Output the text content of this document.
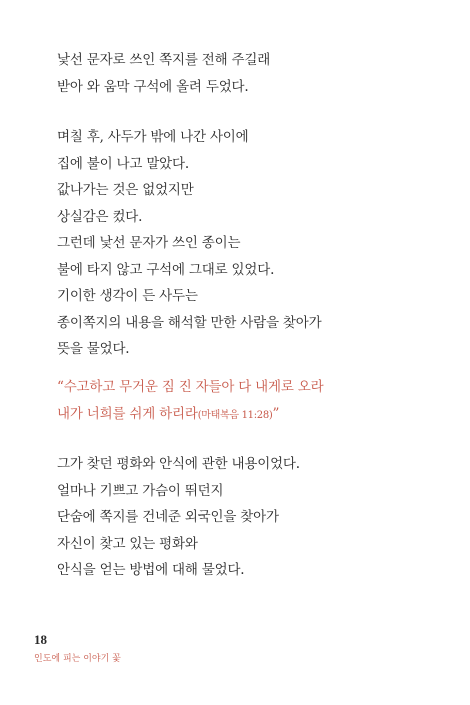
낯선 문자로 쓰인 쪽지를 전해 주길래
받아 와 움막 구석에 올려 두었다.
며칠 후, 사두가 밖에 나간 사이에
집에 불이 나고 말았다.
값나가는 것은 없었지만
상실감은 컸다.
그런데 낯선 문자가 쓰인 종이는
불에 타지 않고 구석에 그대로 있었다.
기이한 생각이 든 사두는
종이쪽지의 내용을 해석할 만한 사람을 찾아가
뜻을 물었다.
“수고하고 무거운 짐 진 자들아 다 내게로 오라
내가 너희를 쉬게 하리라(마태복음 11:28)”
그가 찾던 평화와 안식에 관한 내용이었다.
얼마나 기쁘고 가슴이 뛰던지
단숨에 쪽지를 건네준 외국인을 찾아가
자신이 찾고 있는 평화와
안식을 얻는 방법에 대해 물었다.
18
인도에 피는 이야기 꽃
